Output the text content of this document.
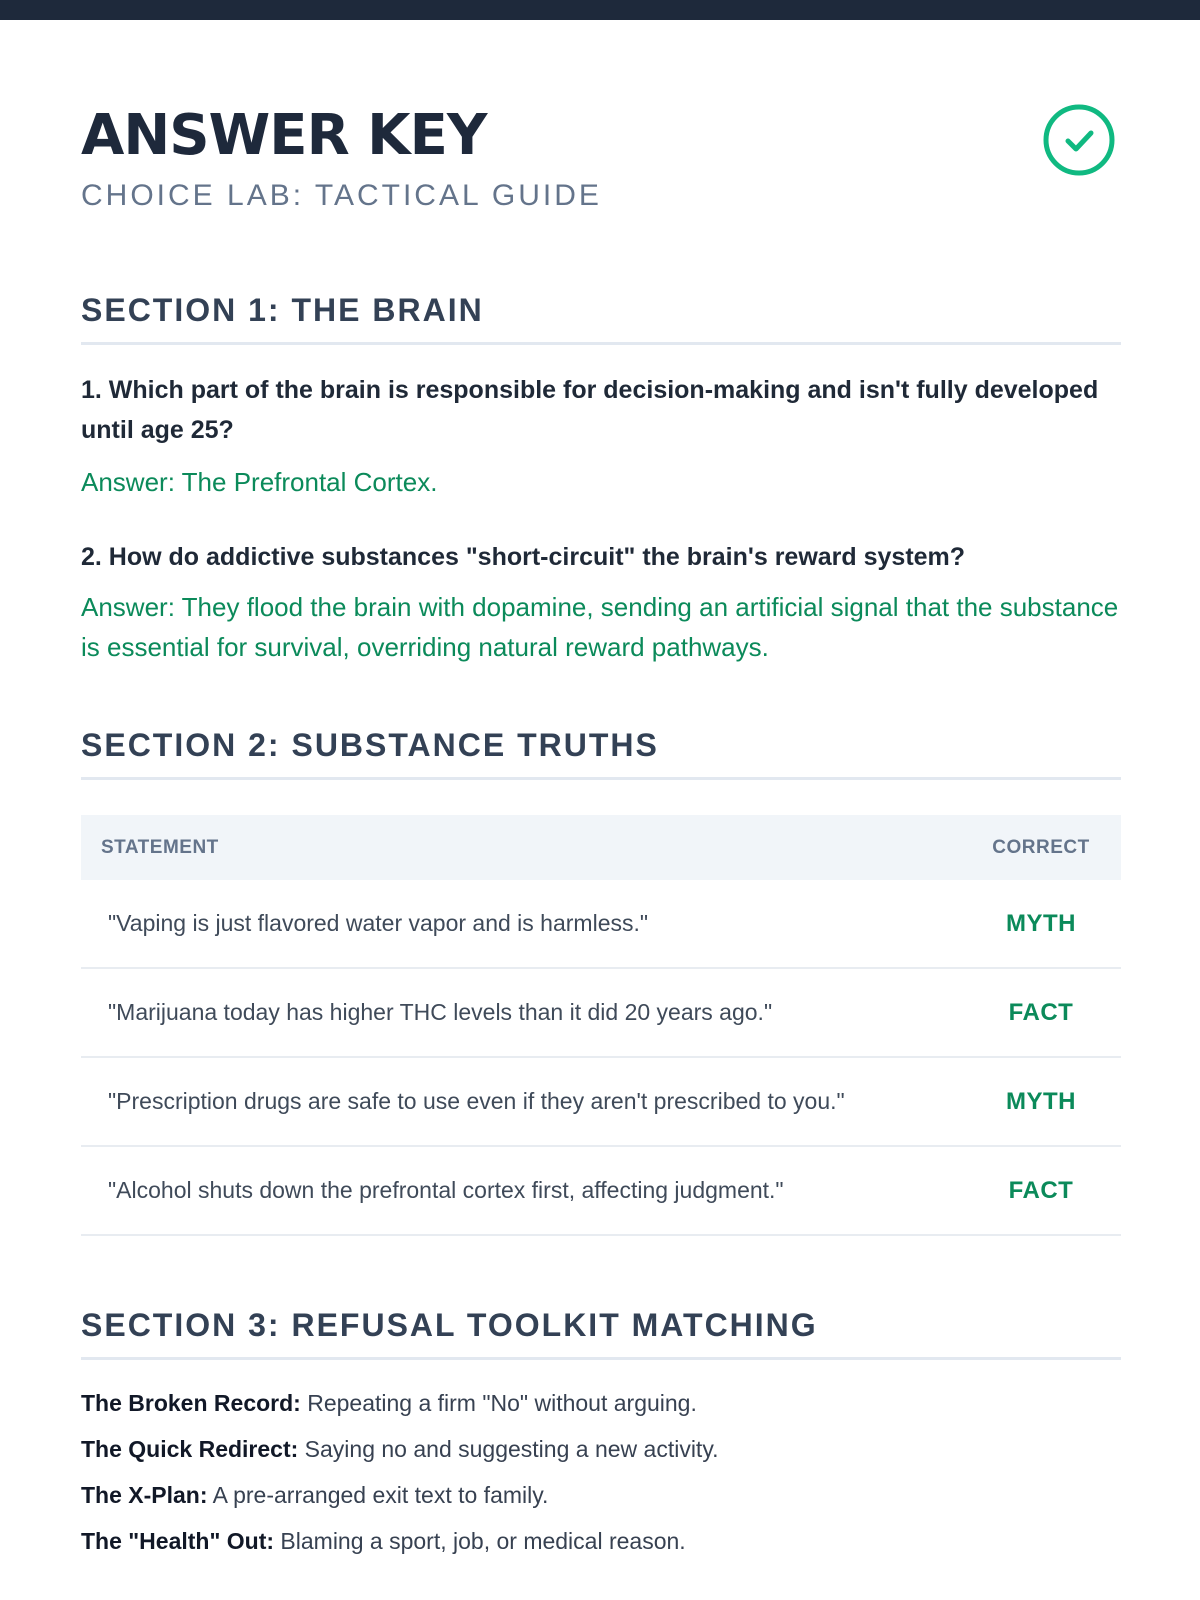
ANSWER KEY
CHOICE LAB: TACTICAL GUIDE
SECTION 1: THE BRAIN

1. Which part of the brain is responsible for decision-making and isn't fully developed until age 25?

Answer: The Prefrontal Cortex.

2. How do addictive substances "short-circuit" the brain's reward system?

Answer: They flood the brain with dopamine, sending an artificial signal that the substance is essential for survival, overriding natural reward pathways.

SECTION 2: SUBSTANCE TRUTHS
STATEMENT	CORRECT
"Vaping is just flavored water vapor and is harmless."	MYTH
"Marijuana today has higher THC levels than it did 20 years ago."	FACT
"Prescription drugs are safe to use even if they aren't prescribed to you."	MYTH
"Alcohol shuts down the prefrontal cortex first, affecting judgment."	FACT
SECTION 3: REFUSAL TOOLKIT MATCHING
The Broken Record: Repeating a firm "No" without arguing.
The Quick Redirect: Saying no and suggesting a new activity.
The X-Plan: A pre-arranged exit text to family.
The "Health" Out: Blaming a sport, job, or medical reason.
